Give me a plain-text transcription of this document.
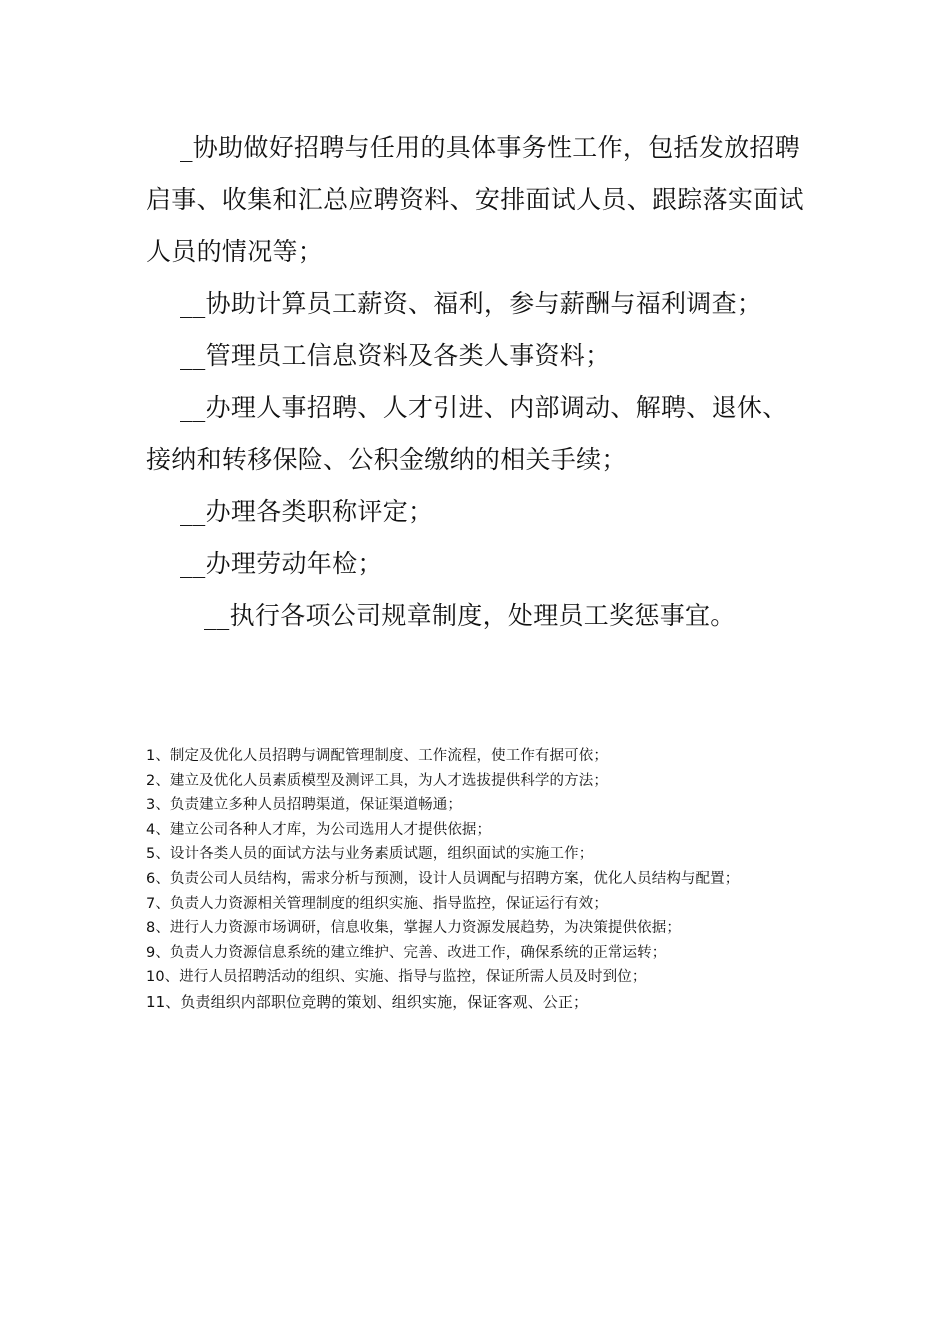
_协助做好招聘与任用的具体事务性工作，包括发放招聘启事、收集和汇总应聘资料、安排面试人员、跟踪落实面试人员的情况等；

__协助计算员工薪资、福利，参与薪酬与福利调查；

__管理员工信息资料及各类人事资料；

__办理人事招聘、人才引进、内部调动、解聘、退休、接纳和转移保险、公积金缴纳的相关手续；

__办理各类职称评定；

__办理劳动年检；

__执行各项公司规章制度，处理员工奖惩事宜。

1、制定及优化人员招聘与调配管理制度、工作流程，使工作有据可依；
2、建立及优化人员素质模型及测评工具，为人才选拔提供科学的方法；
3、负责建立多种人员招聘渠道，保证渠道畅通；
4、建立公司各种人才库，为公司选用人才提供依据；
5、设计各类人员的面试方法与业务素质试题，组织面试的实施工作；
6、负责公司人员结构，需求分析与预测，设计人员调配与招聘方案，优化人员结构与配置；
7、负责人力资源相关管理制度的组织实施、指导监控，保证运行有效；
8、进行人力资源市场调研，信息收集，掌握人力资源发展趋势，为决策提供依据；
9、负责人力资源信息系统的建立维护、完善、改进工作，确保系统的正常运转；
10、进行人员招聘活动的组织、实施、指导与监控，保证所需人员及时到位；
11、负责组织内部职位竞聘的策划、组织实施，保证客观、公正；
